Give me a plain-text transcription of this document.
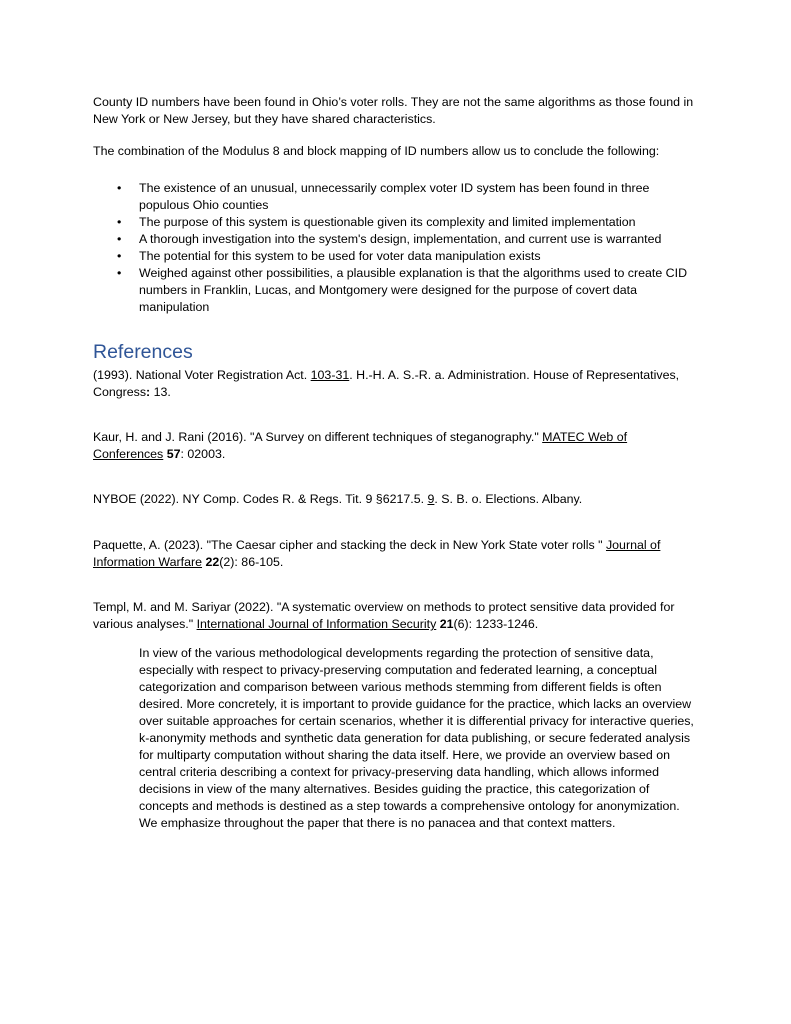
County ID numbers have been found in Ohio’s voter rolls. They are not the same algorithms as those found in New York or New Jersey, but they have shared characteristics.

The combination of the Modulus 8 and block mapping of ID numbers allow us to conclude the following:

• The existence of an unusual, unnecessarily complex voter ID system has been found in three populous Ohio counties
• The purpose of this system is questionable given its complexity and limited implementation
• A thorough investigation into the system's design, implementation, and current use is warranted
• The potential for this system to be used for voter data manipulation exists
• Weighed against other possibilities, a plausible explanation is that the algorithms used to create CID numbers in Franklin, Lucas, and Montgomery were designed for the purpose of covert data manipulation
References

(1993). National Voter Registration Act. 103-31. H.-H. A. S.-R. a. Administration. House of Representatives, Congress: 13.

Kaur, H. and J. Rani (2016). "A Survey on different techniques of steganography." MATEC Web of Conferences 57: 02003.

NYBOE (2022). NY Comp. Codes R. & Regs. Tit. 9 §6217.5. 9. S. B. o. Elections. Albany.

Paquette, A. (2023). "The Caesar cipher and stacking the deck in New York State voter rolls " Journal of Information Warfare 22(2): 86-105.

Templ, M. and M. Sariyar (2022). "A systematic overview on methods to protect sensitive data provided for various analyses." International Journal of Information Security 21(6): 1233-1246.

In view of the various methodological developments regarding the protection of sensitive data, especially with respect to privacy-preserving computation and federated learning, a conceptual categorization and comparison between various methods stemming from different fields is often desired. More concretely, it is important to provide guidance for the practice, which lacks an overview over suitable approaches for certain scenarios, whether it is differential privacy for interactive queries, k-anonymity methods and synthetic data generation for data publishing, or secure federated analysis for multiparty computation without sharing the data itself. Here, we provide an overview based on central criteria describing a context for privacy-preserving data handling, which allows informed decisions in view of the many alternatives. Besides guiding the practice, this categorization of concepts and methods is destined as a step towards a comprehensive ontology for anonymization. We emphasize throughout the paper that there is no panacea and that context matters.
